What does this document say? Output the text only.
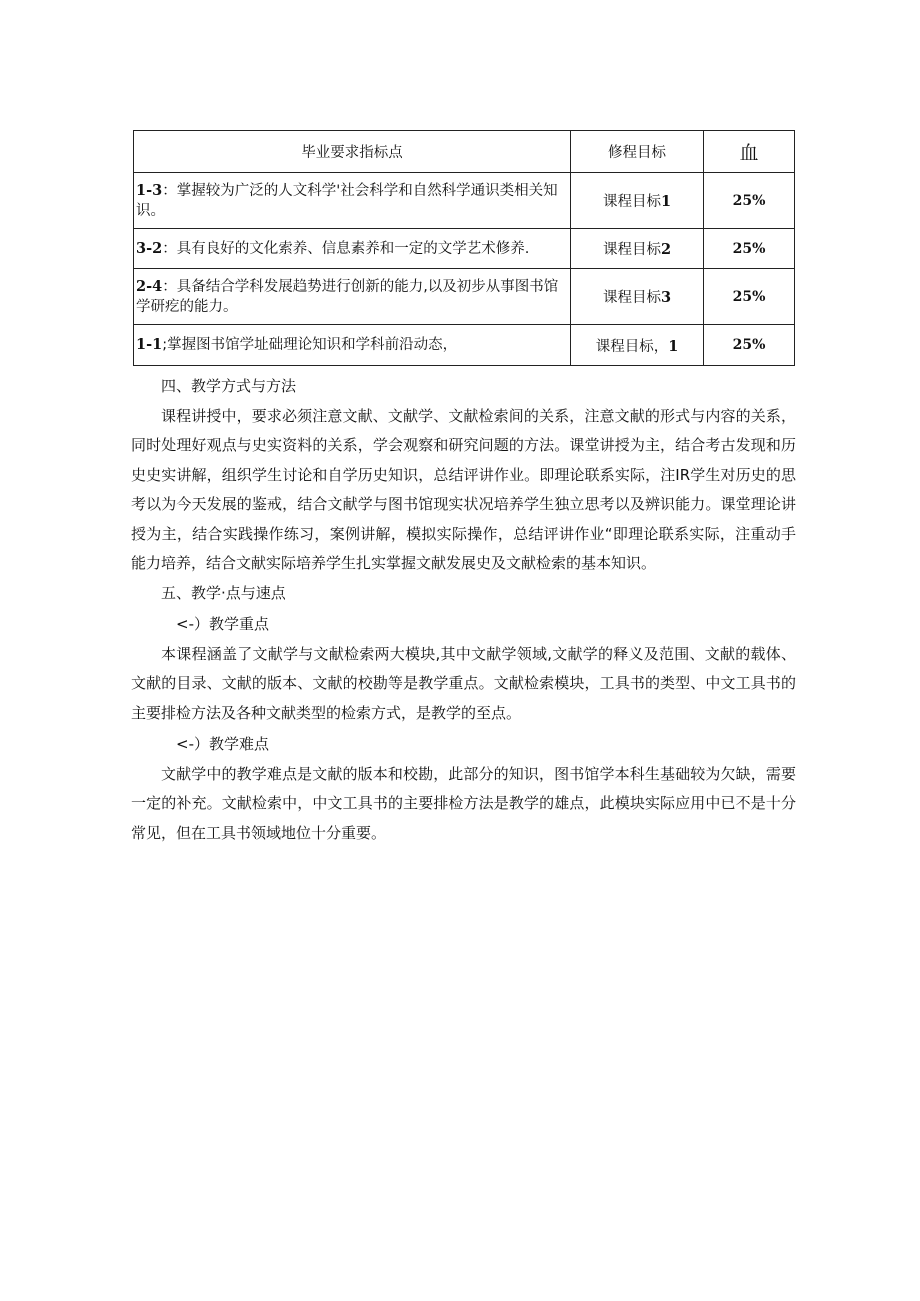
毕业要求指标点	修程目标	血
1-3：掌握较为广泛的人文科学'社会科学和自然科学通识类相关知识。	课程目标1	25%
3-2：具有良好的文化索养、信息素养和一定的文学艺术修养.	课程目标2	25%
2-4：具备结合学科发展趋势进行创新的能力,以及初步从事图书馆学研疙的能力。	课程目标3	25%
1-1;掌握图书馆学址础理论知识和学科前沿动态，	课程目标，1	25%

四、教学方式与方法

课程讲授中，要求必须注意文献、文献学、文献检索间的关系，注意文献的形式与内容的关系，同时处理好观点与史实资料的关系，学会观察和研究问题的方法。课堂讲授为主，结合考古发现和历史史实讲解，组织学生讨论和自学历史知识，总结评讲作业。即理论联系实际，注IR学生对历史的思考以为今天发展的鉴戒，结合文献学与图书馆现实状况培养学生独立思考以及辨识能力。课堂理论讲授为主，结合实践操作练习，案例讲解，模拟实际操作，总结评讲作业“即理论联系实际，注重动手能力培养，结合文献实际培养学生扎实掌握文献发展史及文献检索的基本知识。

五、教学·点与速点

<-）教学重点

本课程涵盖了文献学与文献检索两大模块,其中文献学领域,文献学的释义及范围、文献的载体、文献的目录、文献的版本、文献的校勘等是教学重点。文献检索模块，工具书的类型、中文工具书的主要排检方法及各种文献类型的检索方式，是教学的至点。

<-）教学难点

文献学中的教学难点是文献的版本和校勘，此部分的知识，图书馆学本科生基础较为欠缺，需要一定的补充。文献检索中，中文工具书的主要排检方法是教学的雄点，此模块实际应用中已不是十分常见，但在工具书领域地位十分重要。
